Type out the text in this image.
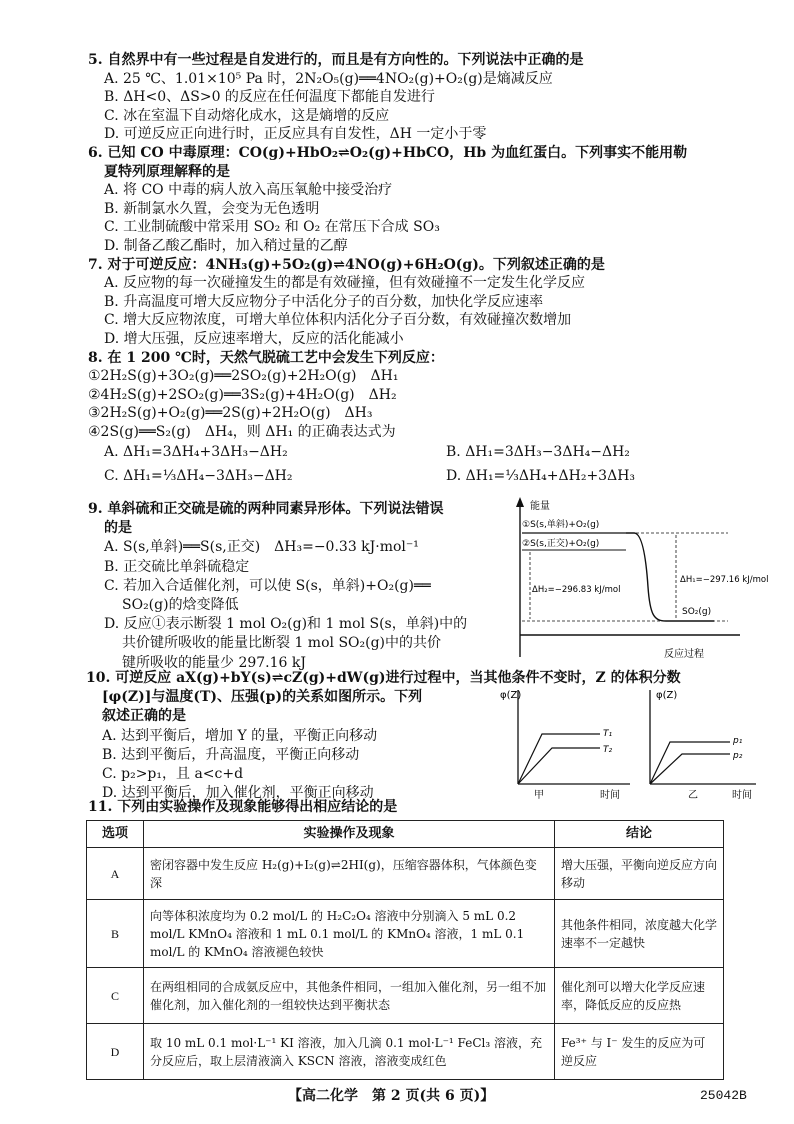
5. 自然界中有一些过程是自发进行的，而且是有方向性的。下列说法中正确的是
A. 25 ℃、1.01×10⁵ Pa 时，2N₂O₅(g)══4NO₂(g)+O₂(g)是熵减反应
B. ΔH<0、ΔS>0 的反应在任何温度下都能自发进行
C. 冰在室温下自动熔化成水，这是熵增的反应
D. 可逆反应正向进行时，正反应具有自发性，ΔH 一定小于零
6. 已知 CO 中毒原理：CO(g)+HbO₂⇌O₂(g)+HbCO，Hb 为血红蛋白。下列事实不能用勒
夏特列原理解释的是
A. 将 CO 中毒的病人放入高压氧舱中接受治疗
B. 新制氯水久置，会变为无色透明
C. 工业制硫酸中常采用 SO₂ 和 O₂ 在常压下合成 SO₃
D. 制备乙酸乙酯时，加入稍过量的乙醇
7. 对于可逆反应：4NH₃(g)+5O₂(g)⇌4NO(g)+6H₂O(g)。下列叙述正确的是
A. 反应物的每一次碰撞发生的都是有效碰撞，但有效碰撞不一定发生化学反应
B. 升高温度可增大反应物分子中活化分子的百分数，加快化学反应速率
C. 增大反应物浓度，可增大单位体积内活化分子百分数，有效碰撞次数增加
D. 增大压强，反应速率增大，反应的活化能减小
8. 在 1 200 ℃时，天然气脱硫工艺中会发生下列反应：
①2H₂S(g)+3O₂(g)══2SO₂(g)+2H₂O(g)　ΔH₁
②4H₂S(g)+2SO₂(g)══3S₂(g)+4H₂O(g)　ΔH₂
③2H₂S(g)+O₂(g)══2S(g)+2H₂O(g)　ΔH₃
④2S(g)══S₂(g)　ΔH₄，则 ΔH₁ 的正确表达式为
A. ΔH₁=3ΔH₄+3ΔH₃−ΔH₂	B. ΔH₁=3ΔH₃−3ΔH₄−ΔH₂
C. ΔH₁=⅓ΔH₄−3ΔH₃−ΔH₂	D. ΔH₁=⅓ΔH₄+ΔH₂+3ΔH₃
9. 单斜硫和正交硫是硫的两种同素异形体。下列说法错误
的是
A. S(s,单斜)══S(s,正交)　ΔH₃=−0.33 kJ·mol⁻¹
B. 正交硫比单斜硫稳定
C. 若加入合适催化剂，可以使 S(s，单斜)+O₂(g)══
SO₂(g)的焓变降低
D. 反应①表示断裂 1 mol O₂(g)和 1 mol S(s，单斜)中的
共价键所吸收的能量比断裂 1 mol SO₂(g)中的共价
键所吸收的能量少 297.16 kJ
能量
①S(s,单斜)+O₂(g)
②S(s,正交)+O₂(g)
ΔH₁=−297.16 kJ/mol
ΔH₂=−296.83 kJ/mol
SO₂(g)
反应过程
10. 可逆反应 aX(g)+bY(s)⇌cZ(g)+dW(g)进行过程中，当其他条件不变时，Z 的体积分数
[φ(Z)]与温度(T)、压强(p)的关系如图所示。下列
叙述正确的是
A. 达到平衡后，增加 Y 的量，平衡正向移动
B. 达到平衡后，升高温度，平衡正向移动
C. p₂>p₁，且 a<c+d
D. 达到平衡后，加入催化剂，平衡正向移动
φ(Z)
T₁
T₂
时间
甲
φ(Z)
p₁
p₂
时间
乙
11. 下列由实验操作及现象能够得出相应结论的是
选项	实验操作及现象	结论
A	密闭容器中发生反应 H₂(g)+I₂(g)⇌2HI(g)，压缩容器体积，气体颜色变深	增大压强，平衡向逆反应方向移动
B	向等体积浓度均为 0.2 mol/L 的 H₂C₂O₄ 溶液中分别滴入 5 mL 0.2 mol/L KMnO₄ 溶液和 1 mL 0.1 mol/L 的 KMnO₄ 溶液，1 mL 0.1 mol/L 的 KMnO₄ 溶液褪色较快	其他条件相同，浓度越大化学速率不一定越快
C	在两组相同的合成氨反应中，其他条件相同，一组加入催化剂，另一组不加催化剂，加入催化剂的一组较快达到平衡状态	催化剂可以增大化学反应速率，降低反应的反应热
D	取 10 mL 0.1 mol·L⁻¹ KI 溶液，加入几滴 0.1 mol·L⁻¹ FeCl₃ 溶液，充分反应后，取上层清液滴入 KSCN 溶液，溶液变成红色	Fe³⁺ 与 I⁻ 发生的反应为可逆反应
【高二化学　第 2 页(共 6 页)】	25042B
